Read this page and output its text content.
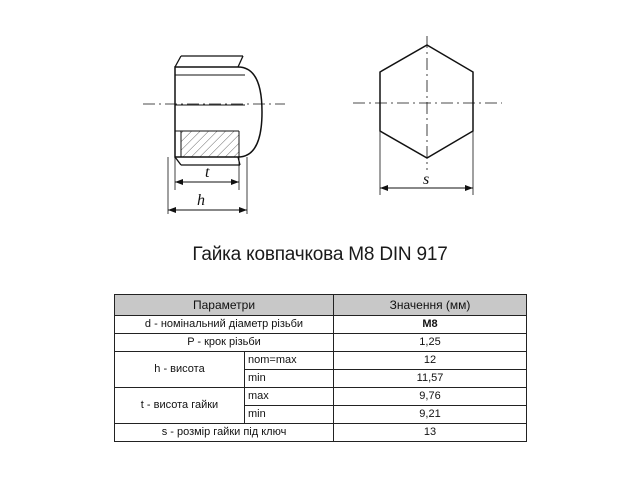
t
h
s
Гайка ковпачкова M8 DIN 917
Параметри		Значення (мм)
d - номінальний діаметр різьби		M8
P - крок різьби		1,25
h - висота	nom=max	12
	min	11,57
t - висота гайки	max	9,76
	min	9,21
s - розмір гайки під ключ		13
